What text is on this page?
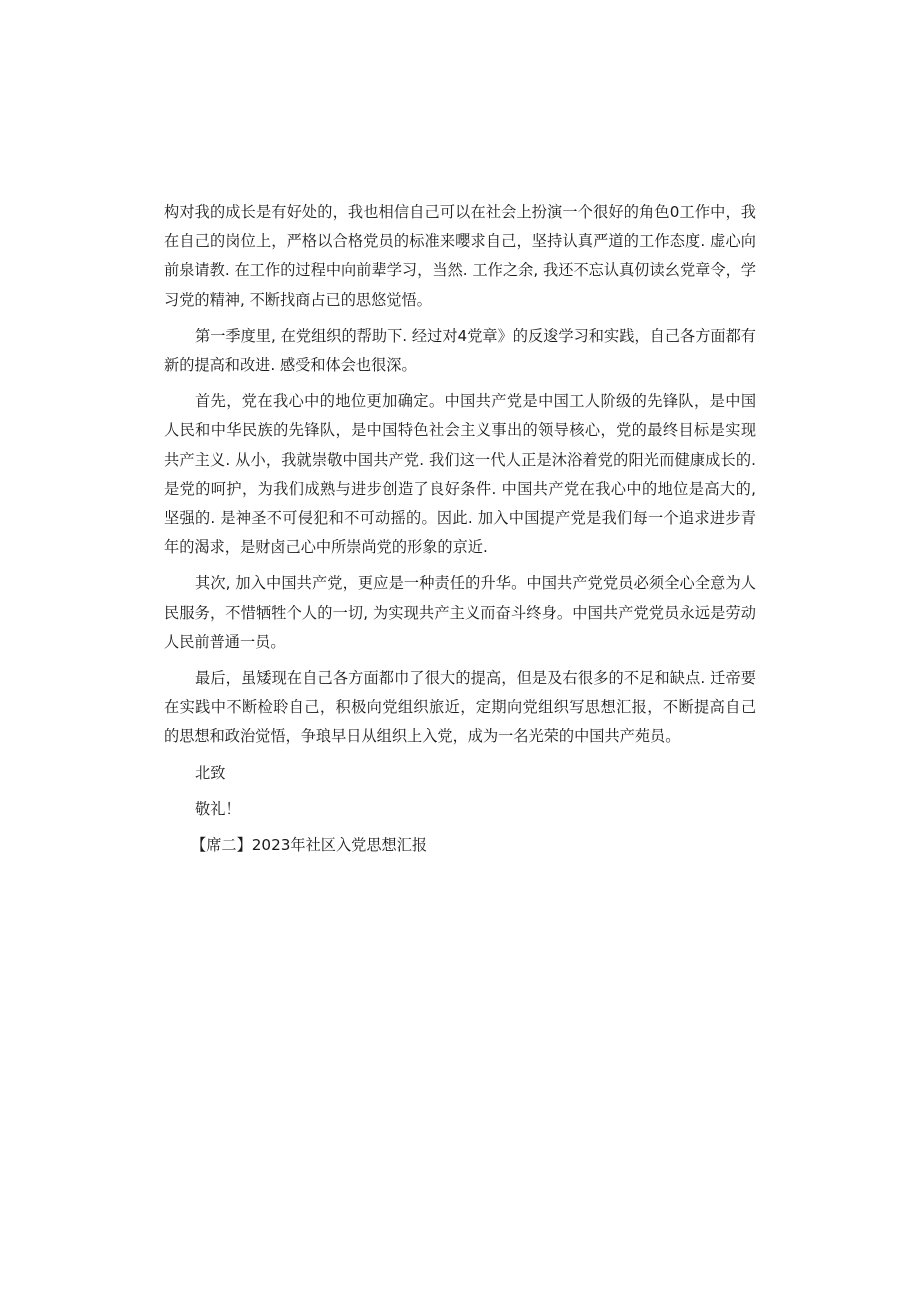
构对我的成长是有好处的，我也相信自己可以在社会上扮演一个很好的角色0工作中，我在自己的岗位上，严格以合格党员的标准来嚶求自己，坚持认真严道的工作态度. 虚心向前泉请教. 在工作的过程中向前辈学习，当然. 工作之余, 我还不忘认真仞读幺党章令，学习党的精神, 不断找商占已的思悠觉悟。

第一季度里, 在党组织的帮助下. 经过对4党章》的反逡学习和实践，自己各方面都有新的提高和改进. 感受和体会也很深。

首先，党在我心中的地位更加确定。中国共产党是中国工人阶级的先锋队，是中国人民和中华民族的先锋队，是中国特色社会主义事出的领导核心，党的最终目标是实现共产主义. 从小，我就崇敬中国共产党. 我们这一代人正是沐浴着党的阳光而健康成长的. 是党的呵护，为我们成熟与进步创造了良好条件. 中国共产党在我心中的地位是高大的, 坚强的. 是神圣不可侵犯和不可动摇的。因此. 加入中国提产党是我们每一个追求进步青年的渴求，是财卤己心中所崇尚党的形象的京近.

其次, 加入中国共产党，更应是一种责任的升华。中国共产党党员必须全心全意为人民服务，不惜牺牲个人的一切, 为实现共产主义而奋斗终身。中国共产党党员永远是劳动人民前普通一员。

最后，虽矮现在自己各方面都巾了很大的提高，但是及右很多的不足和缺点. 迁帝要在实践中不断检聆自己，积极向党组织旅近，定期向党组织写思想汇报，不断提高自己的思想和政治觉悟，争琅早日从组织上入党，成为一名光荣的中国共产苑员。

北致

敬礼！

【席二】2023年社区入党思想汇报
